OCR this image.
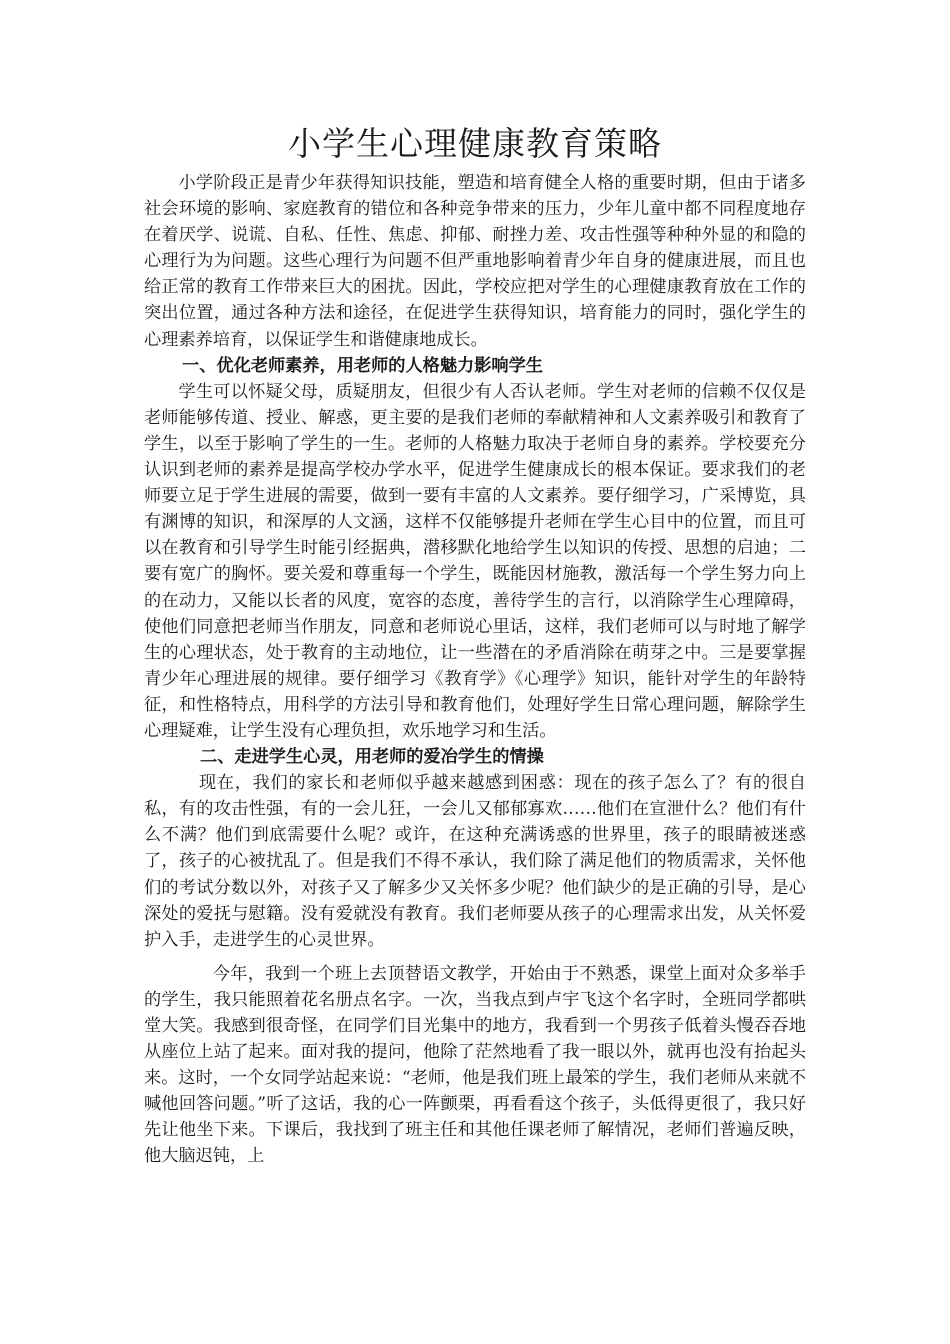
小学生心理健康教育策略

小学阶段正是青少年获得知识技能，塑造和培育健全人格的重要时期，但由于诸多社会环境的影响、家庭教育的错位和各种竞争带来的压力，少年儿童中都不同程度地存在着厌学、说谎、自私、任性、焦虑、抑郁、耐挫力差、攻击性强等种种外显的和隐的心理行为为问题。这些心理行为问题不但严重地影响着青少年自身的健康进展，而且也给正常的教育工作带来巨大的困扰。因此，学校应把对学生的心理健康教育放在工作的突出位置，通过各种方法和途径，在促进学生获得知识，培育能力的同时，强化学生的心理素养培育，以保证学生和谐健康地成长。

一、优化老师素养，用老师的人格魅力影响学生

学生可以怀疑父母，质疑朋友，但很少有人否认老师。学生对老师的信赖不仅仅是老师能够传道、授业、解惑，更主要的是我们老师的奉献精神和人文素养吸引和教育了学生，以至于影响了学生的一生。老师的人格魅力取决于老师自身的素养。学校要充分认识到老师的素养是提高学校办学水平，促进学生健康成长的根本保证。要求我们的老师要立足于学生进展的需要，做到一要有丰富的人文素养。要仔细学习，广采博览，具有渊博的知识，和深厚的人文涵，这样不仅能够提升老师在学生心目中的位置，而且可以在教育和引导学生时能引经据典，潜移默化地给学生以知识的传授、思想的启迪；二要有宽广的胸怀。要关爱和尊重每一个学生，既能因材施教，激活每一个学生努力向上的在动力，又能以长者的风度，宽容的态度，善待学生的言行，以消除学生心理障碍，使他们同意把老师当作朋友，同意和老师说心里话，这样，我们老师可以与时地了解学生的心理状态，处于教育的主动地位，让一些潜在的矛盾消除在萌芽之中。三是要掌握青少年心理进展的规律。要仔细学习《教育学》《心理学》知识，能针对学生的年龄特征，和性格特点，用科学的方法引导和教育他们，处理好学生日常心理问题，解除学生心理疑难，让学生没有心理负担，欢乐地学习和生活。

二、走进学生心灵，用老师的爱冶学生的情操

现在，我们的家长和老师似乎越来越感到困惑：现在的孩子怎么了？有的很自私，有的攻击性强，有的一会儿狂，一会儿又郁郁寡欢……他们在宣泄什么？他们有什么不满？他们到底需要什么呢？或许，在这种充满诱惑的世界里，孩子的眼睛被迷惑了，孩子的心被扰乱了。但是我们不得不承认，我们除了满足他们的物质需求，关怀他们的考试分数以外，对孩子又了解多少又关怀多少呢？他们缺少的是正确的引导，是心深处的爱抚与慰籍。没有爱就没有教育。我们老师要从孩子的心理需求出发，从关怀爱护入手，走进学生的心灵世界。

今年，我到一个班上去顶替语文教学，开始由于不熟悉，课堂上面对众多举手的学生，我只能照着花名册点名字。一次，当我点到卢宇飞这个名字时，全班同学都哄堂大笑。我感到很奇怪，在同学们目光集中的地方，我看到一个男孩子低着头慢吞吞地从座位上站了起来。面对我的提问，他除了茫然地看了我一眼以外，就再也没有抬起头来。这时，一个女同学站起来说：“老师，他是我们班上最笨的学生，我们老师从来就不喊他回答问题。”听了这话，我的心一阵颤栗，再看看这个孩子，头低得更很了，我只好先让他坐下来。下课后，我找到了班主任和其他任课老师了解情况，老师们普遍反映，他大脑迟钝，上
